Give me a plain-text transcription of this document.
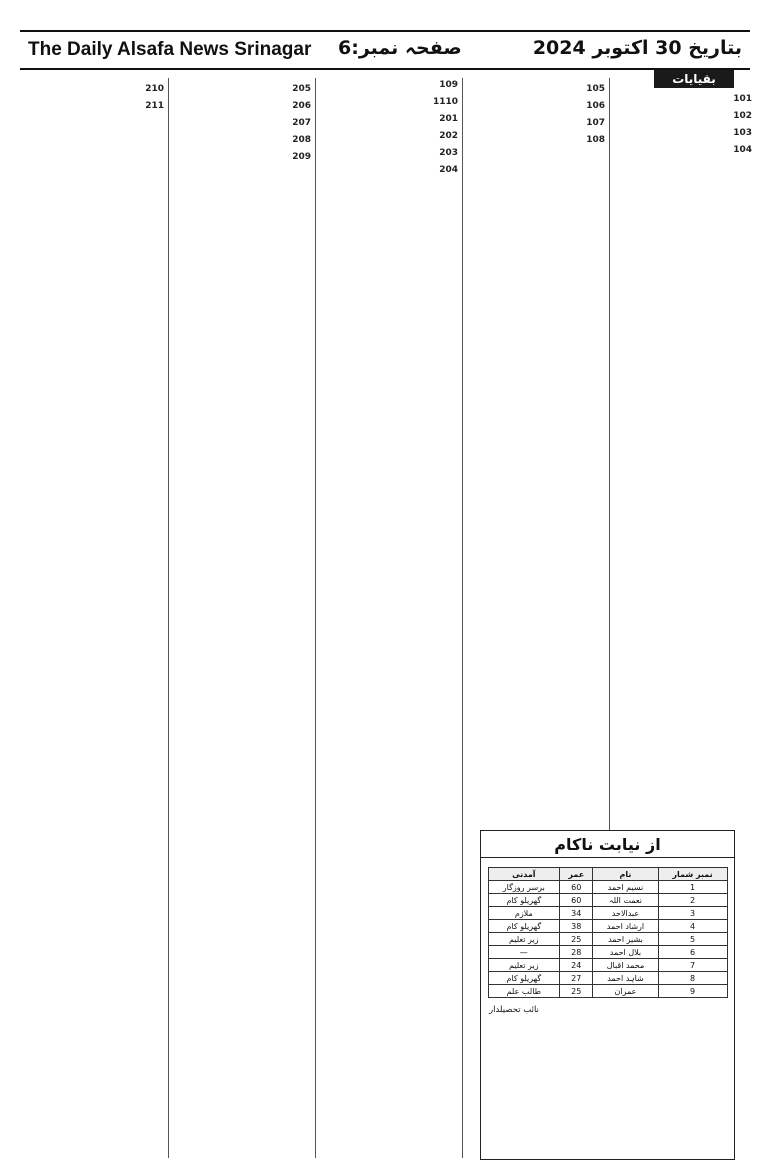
The Daily Alsafa News Srinagar صفحہ نمبر:6	بتاریخ 30 اکتوبر 2024
بقیایات
101
102
103
104
105
106
107
108
109
1110
201
202
203
204
205
206
207
208
209
210
211
از نیابت ناکام
نمبر شمار	نام	عمر	آمدنی
1	نسیم احمد	60	برسر روزگار
2	نعمت اللہ	60	گھریلو کام
3	عبدالاحد	34	ملازم
4	ارشاد احمد	38	گھریلو کام
5	بشیر احمد	25	زیر تعلیم
6	بلال احمد	28	—
7	محمد اقبال	24	زیر تعلیم
8	شاہد احمد	27	گھریلو کام
9	عمران	25	طالب علم
نائب تحصیلدار
